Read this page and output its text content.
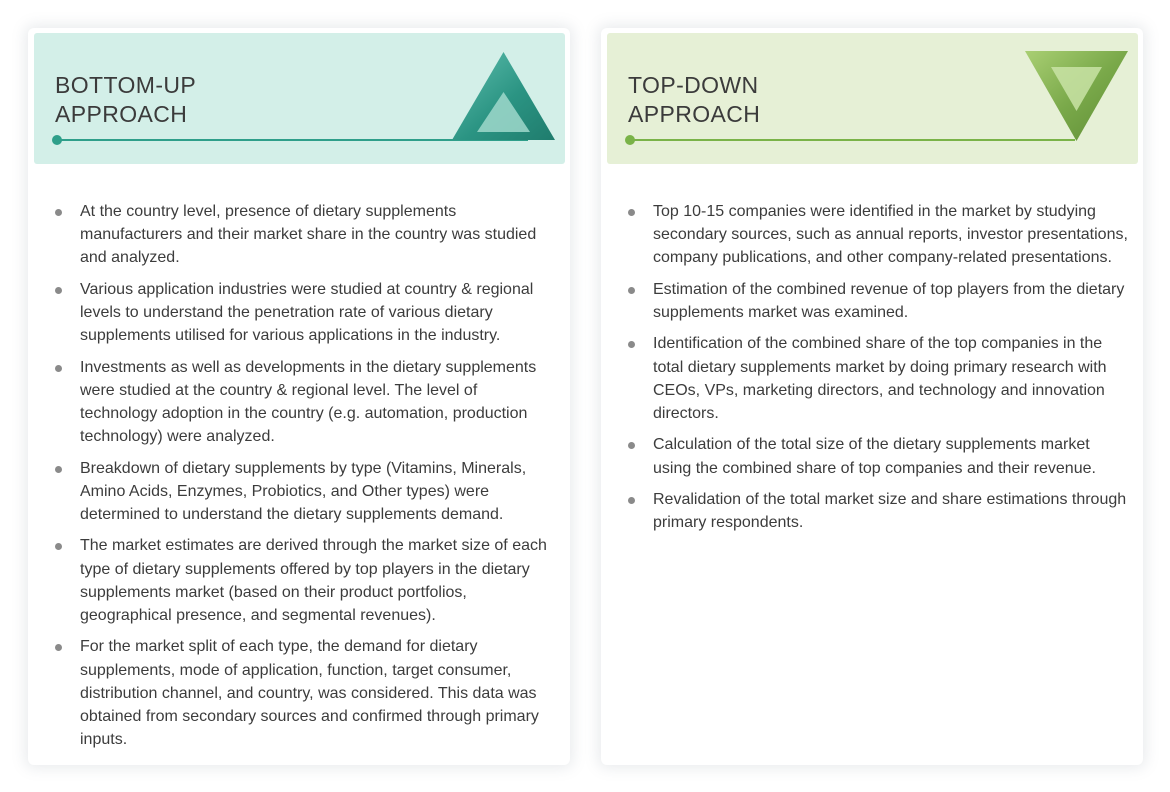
BOTTOM-UP
APPROACH
At the country level, presence of dietary supplements manufacturers and their market share in the country was studied and analyzed.
Various application industries were studied at country & regional levels to understand the penetration rate of various dietary supplements utilised for various applications in the industry.
Investments as well as developments in the dietary supplements were studied at the country & regional level. The level of technology adoption in the country (e.g. automation, production technology) were analyzed.
Breakdown of dietary supplements by type (Vitamins, Minerals, Amino Acids, Enzymes, Probiotics, and Other types) were determined to understand the dietary supplements demand.
The market estimates are derived through the market size of each type of dietary supplements offered by top players in the dietary supplements market (based on their product portfolios, geographical presence, and segmental revenues).
For the market split of each type, the demand for dietary supplements, mode of application, function, target consumer, distribution channel, and country, was considered. This data was obtained from secondary sources and confirmed through primary inputs.
TOP-DOWN
APPROACH
Top 10-15 companies were identified in the market by studying secondary sources, such as annual reports, investor presentations, company publications, and other company-related presentations.
Estimation of the combined revenue of top players from the dietary supplements market was examined.
Identification of the combined share of the top companies in the total dietary supplements market by doing primary research with CEOs, VPs, marketing directors, and technology and innovation directors.
Calculation of the total size of the dietary supplements market using the combined share of top companies and their revenue.
Revalidation of the total market size and share estimations through primary respondents.
